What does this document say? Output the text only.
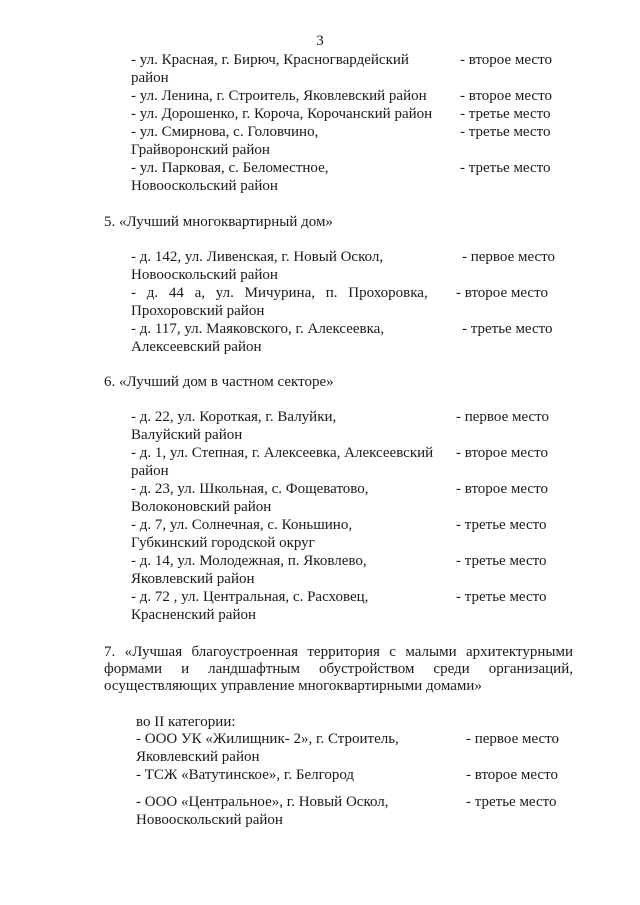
3
- ул. Красная, г. Бирюч, Красногвардейский
район
- второе место
- ул. Ленина, г. Строитель, Яковлевский район - второе место
- ул. Дорошенко, г. Короча, Корочанский район - третье место
- ул. Смирнова, с. Головчино,
Грайворонский район
- третье место
- ул. Парковая, с. Беломестное,
Новооскольский район
- третье место
5. «Лучший многоквартирный дом»
- д. 142, ул. Ливенская, г. Новый Оскол,
Новооскольский район
- первое место
- д. 44 а, ул. Мичурина, п. Прохоровка,
Прохоровский район
- второе место
- д. 117, ул. Маяковского, г. Алексеевка,
Алексеевский район
- третье место
6. «Лучший дом в частном секторе»
- д. 22, ул. Короткая, г. Валуйки,
Валуйский район
- первое место
- д. 1, ул. Степная, г. Алексеевка, Алексеевский
район
- второе место
- д. 23, ул. Школьная, с. Фощеватово,
Волоконовский район
- второе место
- д. 7, ул. Солнечная, с. Коньшино,
Губкинский городской округ
- третье место
- д. 14, ул. Молодежная, п. Яковлево,
Яковлевский район
- третье место
- д. 72 , ул. Центральная, с. Расховец,
Красненский район
- третье место
7. «Лучшая благоустроенная территория с малыми архитектурными
формами и ландшафтным обустройством среди организаций,
осуществляющих управление многоквартирными домами»
во II категории:
- ООО УК «Жилищник- 2», г. Строитель,
Яковлевский район
- первое место
- ТСЖ «Ватутинское», г. Белгород	- второе место
- ООО «Центральное», г. Новый Оскол,
Новооскольский район
- третье место
